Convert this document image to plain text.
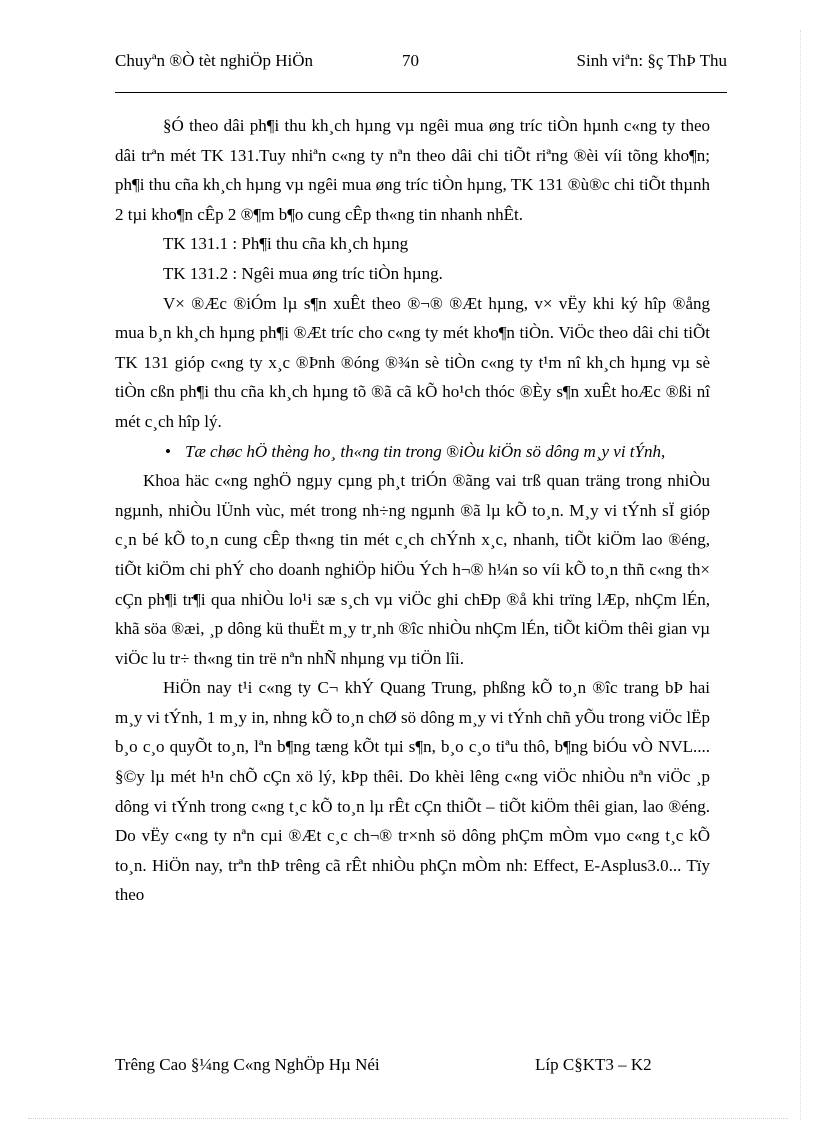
Chuyªn ®Ò tèt nghiÖp HiÖn	70	Sinh viªn: §ç ThÞ Thu

§Ó theo dâi ph¶i thu kh¸ch hµng vµ ngêi mua øng tríc tiÒn hµnh c«ng ty theo dâi trªn mét TK 131.Tuy nhiªn c«ng ty nªn theo dâi chi tiÕt riªng ®èi víi tõng kho¶n; ph¶i thu cña kh¸ch hµng vµ ngêi mua øng tríc tiÒn hµng, TK 131 ®ù®c chi tiÕt thµnh 2 tµi kho¶n cÊp 2 ®¶m b¶o cung cÊp th«ng tin nhanh nhÊt.

TK 131.1 : Ph¶i thu cña kh¸ch hµng

TK 131.2 : Ngêi mua øng tríc tiÒn hµng.

V× ®Æc ®iÓm lµ s¶n xuÊt theo ®¬® ®Æt hµng, v× vËy khi ký hîp ®ång mua b¸n kh¸ch hµng ph¶i ®Æt tríc cho c«ng ty mét kho¶n tiÒn. ViÖc theo dâi chi tiÕt TK 131 gióp c«ng ty x¸c ®Þnh ®óng ®¾n sè tiÒn c«ng ty t¹m nî kh¸ch hµng vµ sè tiÒn cßn ph¶i thu cña kh¸ch hµng tõ ®ã cã kÕ ho¹ch thóc ®Èy s¶n xuÊt hoÆc ®ßi nî mét c¸ch hîp lý.

• Tæ chøc hÖ thèng ho¸ th«ng tin trong ®iÒu kiÖn sö dông m¸y vi tÝnh,

Khoa häc c«ng nghÖ ngµy cµng ph¸t triÓn ®ãng vai trß quan träng trong nhiÒu ngµnh, nhiÒu lÜnh vùc, mét trong nh÷ng ngµnh ®ã lµ kÕ to¸n. M¸y vi tÝnh sÏ gióp c¸n bé kÕ to¸n cung cÊp th«ng tin mét c¸ch chÝnh x¸c, nhanh, tiÕt kiÖm lao ®éng, tiÕt kiÖm chi phÝ cho doanh nghiÖp hiÖu Ých h¬® h¼n so víi kÕ to¸n thñ c«ng th× cÇn ph¶i tr¶i qua nhiÒu lo¹i sæ s¸ch vµ viÖc ghi chÐp ®å khi trïng lÆp, nhÇm lÉn, khã söa ®æi, ¸p dông kü thuËt m¸y tr¸nh ®îc nhiÒu nhÇm lÉn, tiÕt kiÖm thêi gian vµ viÖc lu tr÷ th«ng tin trë nªn nhÑ nhµng vµ tiÖn lîi.

HiÖn nay t¹i c«ng ty C¬ khÝ Quang Trung, phßng kÕ to¸n ®îc trang bÞ hai m¸y vi tÝnh, 1 m¸y in, nhng kÕ to¸n chØ sö dông m¸y vi tÝnh chñ yÕu trong viÖc lËp b¸o c¸o quyÕt to¸n, lªn b¶ng tæng kÕt tµi s¶n, b¸o c¸o tiªu thô, b¶ng biÓu vÒ NVL.... §©y lµ mét h¹n chÕ cÇn xö lý, kÞp thêi. Do khèi lêng c«ng viÖc nhiÒu nªn viÖc ¸p dông vi tÝnh trong c«ng t¸c kÕ to¸n lµ rÊt cÇn thiÕt – tiÕt kiÖm thêi gian, lao ®éng. Do vËy c«ng ty nªn cµi ®Æt c¸c ch¬® tr×nh sö dông phÇm mÒm vµo c«ng t¸c kÕ to¸n. HiÖn nay, trªn thÞ trêng cã rÊt nhiÒu phÇn mÒm nh: Effect, E-Asplus3.0... Tïy theo

Trêng Cao §¼ng C«ng NghÖp Hµ Néi	Líp C§KT3 – K2
